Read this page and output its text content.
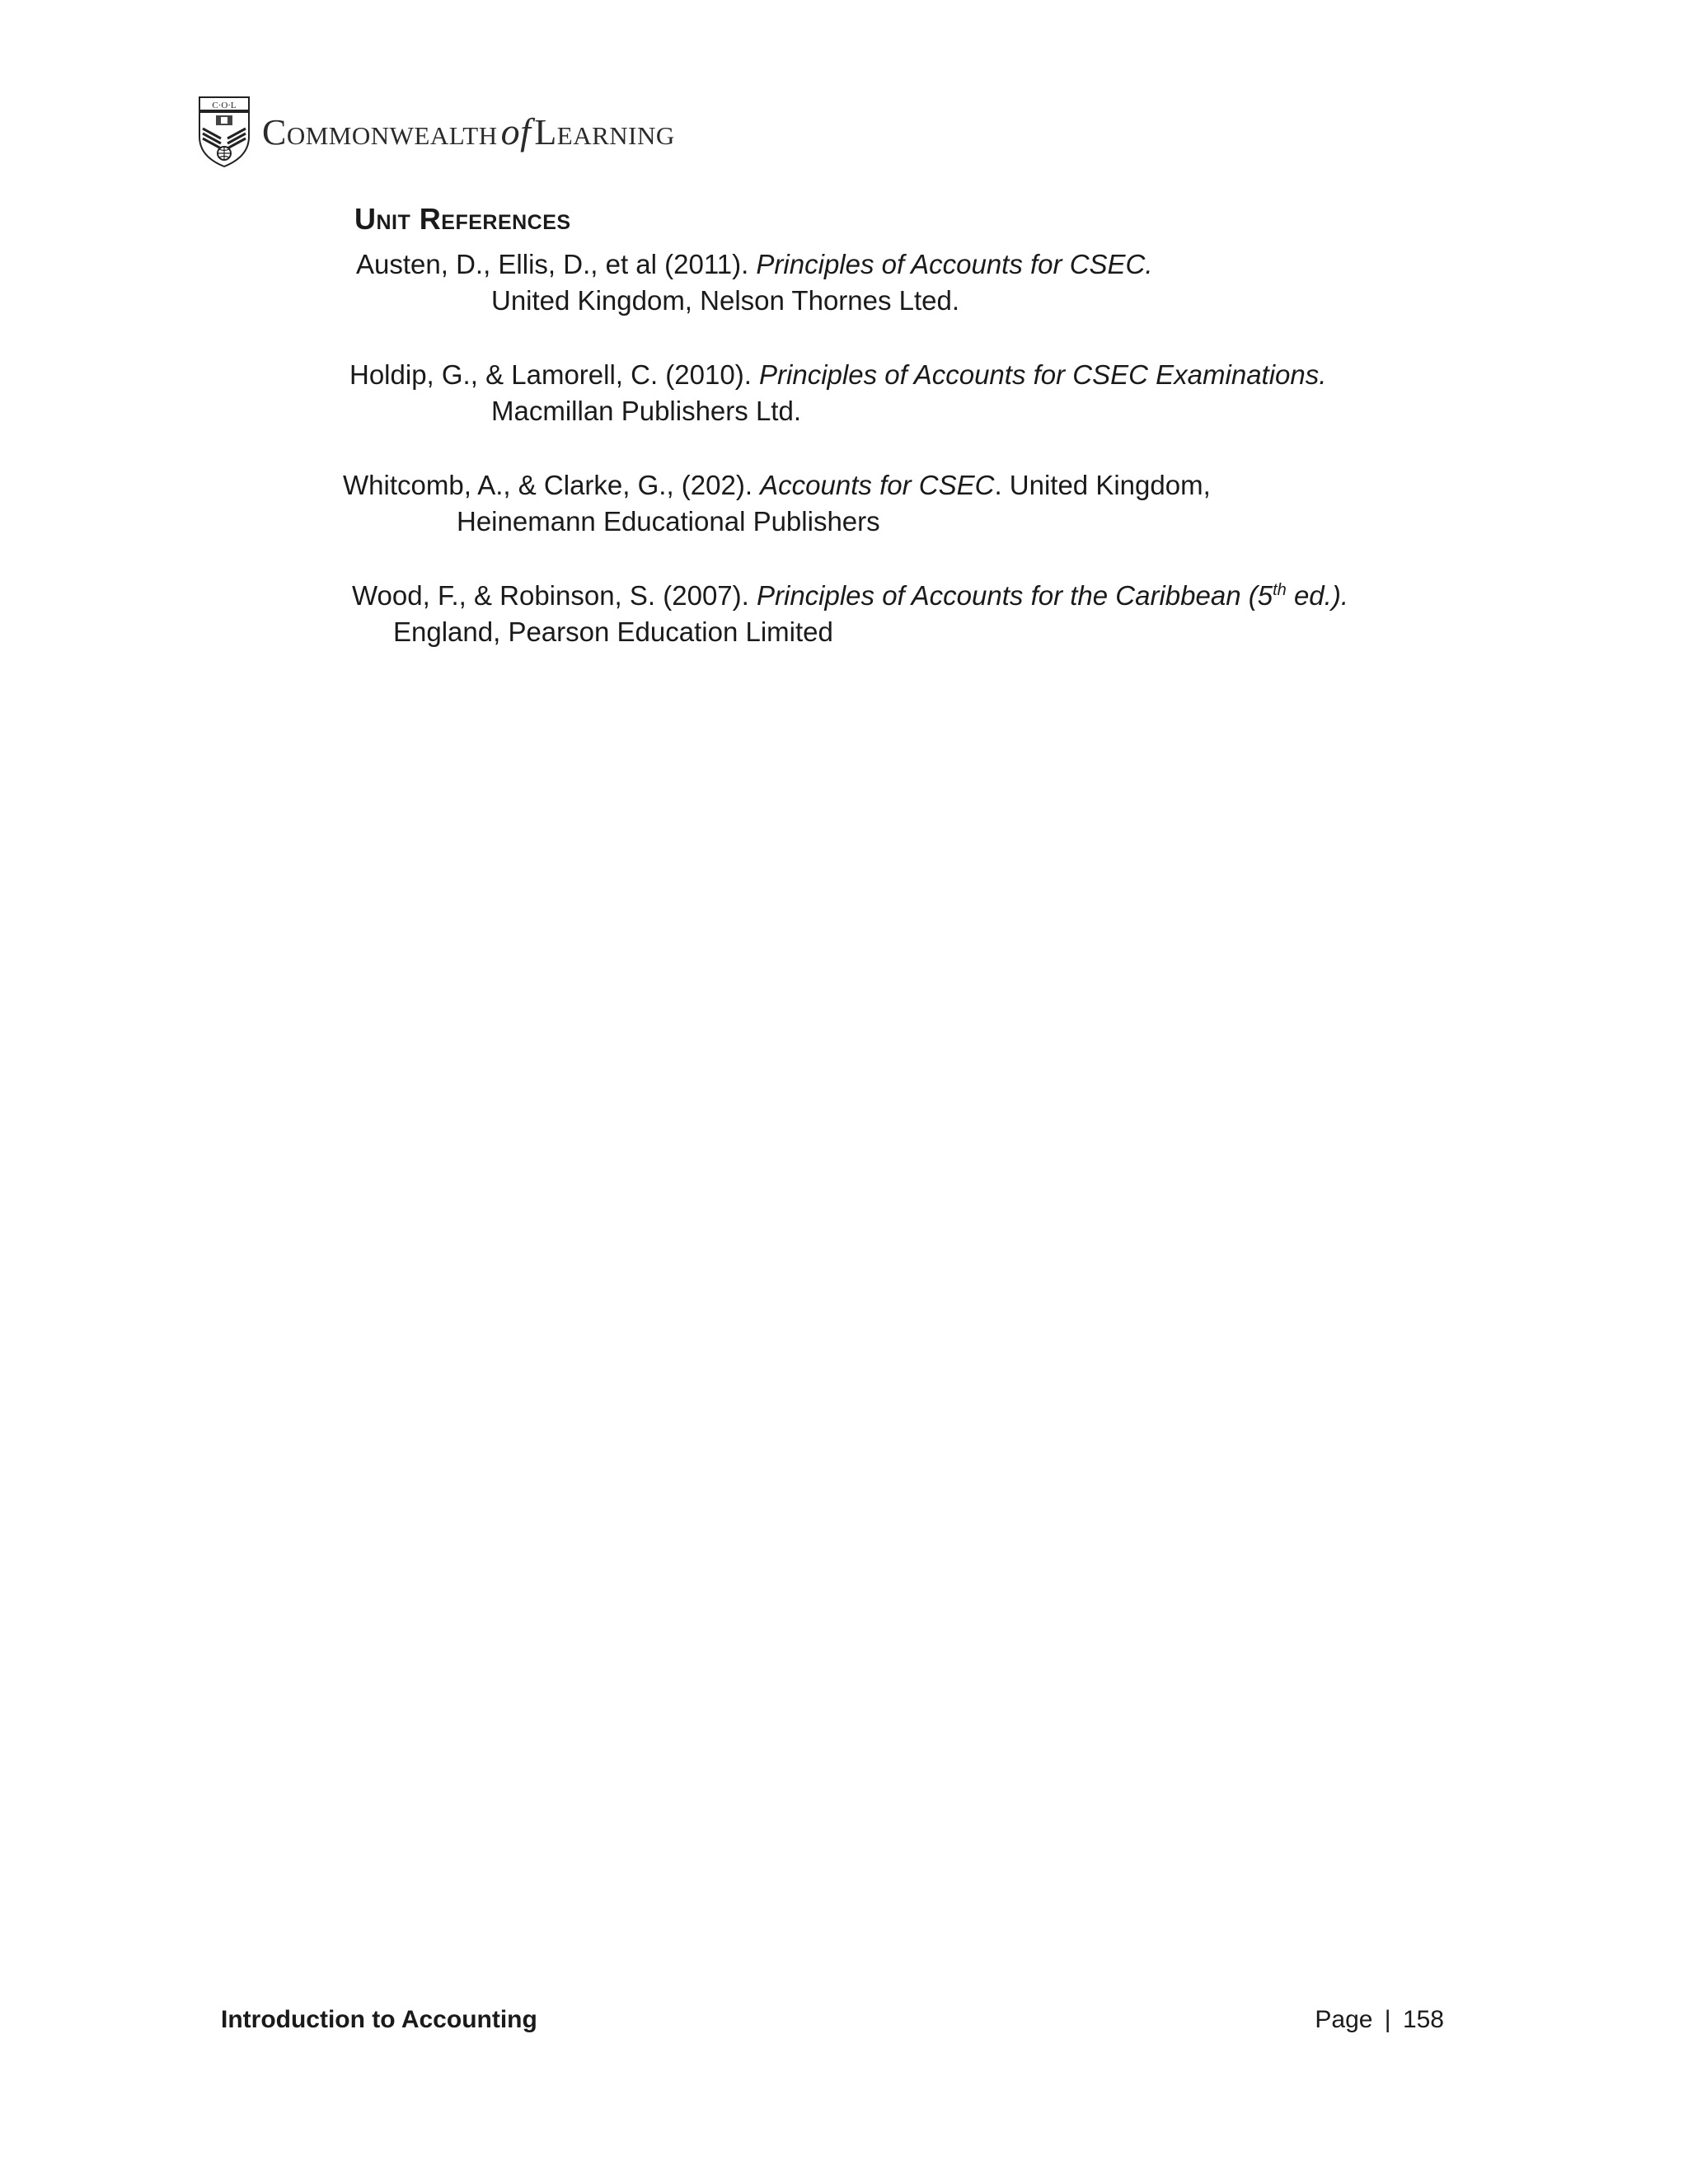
C·O·L
Commonwealth of Learning
Unit References
Austen, D., Ellis, D., et al (2011). Principles of Accounts for CSEC.
United Kingdom, Nelson Thornes Lted.
Holdip, G., & Lamorell, C. (2010). Principles of Accounts for CSEC Examinations.
Macmillan Publishers Ltd.
Whitcomb, A., & Clarke, G., (202). Accounts for CSEC. United Kingdom,
Heinemann Educational Publishers
Wood, F., & Robinson, S. (2007). Principles of Accounts for the Caribbean (5th ed.).
England, Pearson Education Limited
Introduction to Accounting	Page | 158
